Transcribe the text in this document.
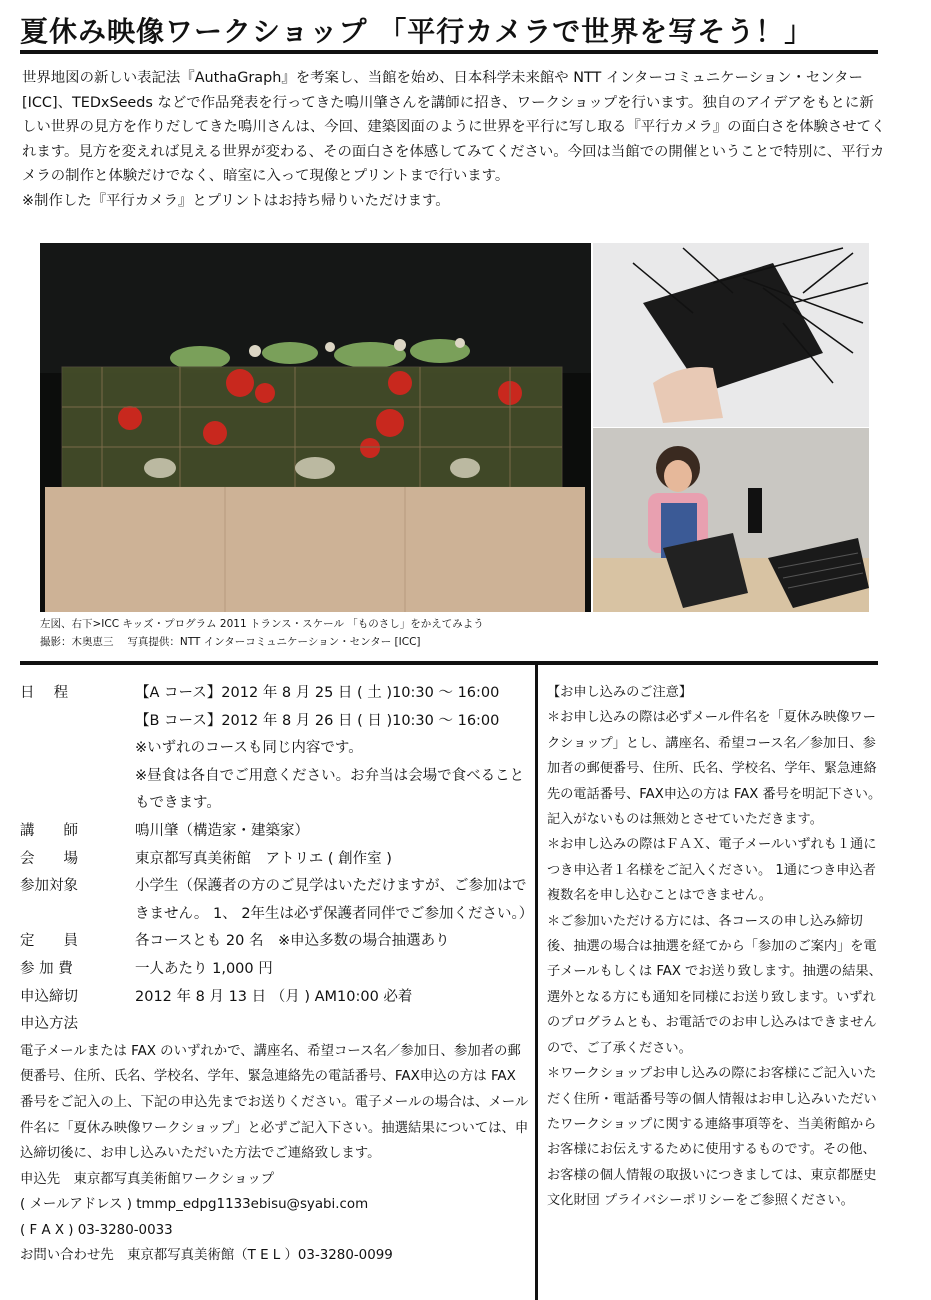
夏休み映像ワークショップ 「平行カメラで世界を写そう！」

世界地図の新しい表記法『AuthaGraph』を考案し、当館を始め、日本科学未来館や NTT インターコミュニケーション・センター [ICC]、TEDxSeeds などで作品発表を行ってきた鳴川肇さんを講師に招き、ワークショップを行います。独自のアイデアをもとに新しい世界の見方を作りだしてきた鳴川さんは、今回、建築図面のように世界を平行に写し取る『平行カメラ』の面白さを体験させてくれます。見方を変えれば見える世界が変わる、その面白さを体感してみてください。今回は当館での開催ということで特別に、平行カメラの制作と体験だけでなく、暗室に入って現像とプリントまで行います。

※制作した『平行カメラ』とプリントはお持ち帰りいただけます。

左図、右下>ICC キッズ・プログラム 2011 トランス・スケール 「ものさし」をかえてみよう
撮影：木奥恵三　 写真提供：NTT インターコミュニケーション・センター [ICC]
日　 程	【A コース】2012 年 8 月 25 日 ( 土 )10:30 ～ 16:00
【B コース】2012 年 8 月 26 日 ( 日 )10:30 ～ 16:00
※いずれのコースも同じ内容です。
※昼食は各自でご用意ください。お弁当は会場で食べることもできます。
講　　師	鳴川肇（構造家・建築家）
会　　場	東京都写真美術館　アトリエ ( 創作室 )
参加対象	小学生（保護者の方のご見学はいただけますが、ご参加はできません。 1、 2年生は必ず保護者同伴でご参加ください。）
定　　員	各コースとも 20 名　※申込多数の場合抽選あり
参 加 費	一人あたり 1,000 円
申込締切	2012 年 8 月 13 日 （月 ) AM10:00 必着
申込方法
電子メールまたは FAX のいずれかで、講座名、希望コース名／参加日、参加者の郵便番号、住所、氏名、学校名、学年、緊急連絡先の電話番号、FAX申込の方は FAX 番号をご記入の上、下記の申込先までお送りください。電子メールの場合は、メール件名に「夏休み映像ワークショップ」と必ずご記入下さい。抽選結果については、申込締切後に、お申し込みいただいた方法でご連絡致します。
申込先　東京都写真美術館ワークショップ
( メールアドレス ) tmmp_edpg1133ebisu@syabi.com
( F A X ) 03-3280-0033
お問い合わせ先　東京都写真美術館（T E L ）03-3280-0099
【お申し込みのご注意】
＊お申し込みの際は必ずメール件名を「夏休み映像ワークショップ」とし、講座名、希望コース名／参加日、参加者の郵便番号、住所、氏名、学校名、学年、緊急連絡先の電話番号、FAX申込の方は FAX 番号を明記下さい。記入がないものは無効とさせていただきます。
＊お申し込みの際はＦＡＸ、電子メールいずれも１通につき申込者１名様をご記入ください。 1通につき申込者複数名を申し込むことはできません。
＊ご参加いただける方には、各コースの申し込み締切後、抽選の場合は抽選を経てから「参加のご案内」を電子メールもしくは FAX でお送り致します。抽選の結果、選外となる方にも通知を同様にお送り致します。いずれのプログラムとも、お電話でのお申し込みはできませんので、ご了承ください。
＊ワークショップお申し込みの際にお客様にご記入いただく住所・電話番号等の個人情報はお申し込みいただいたワークショップに関する連絡事項等を、当美術館からお客様にお伝えするために使用するものです。その他、お客様の個人情報の取扱いにつきましては、東京都歴史文化財団 プライバシーポリシーをご参照ください。
